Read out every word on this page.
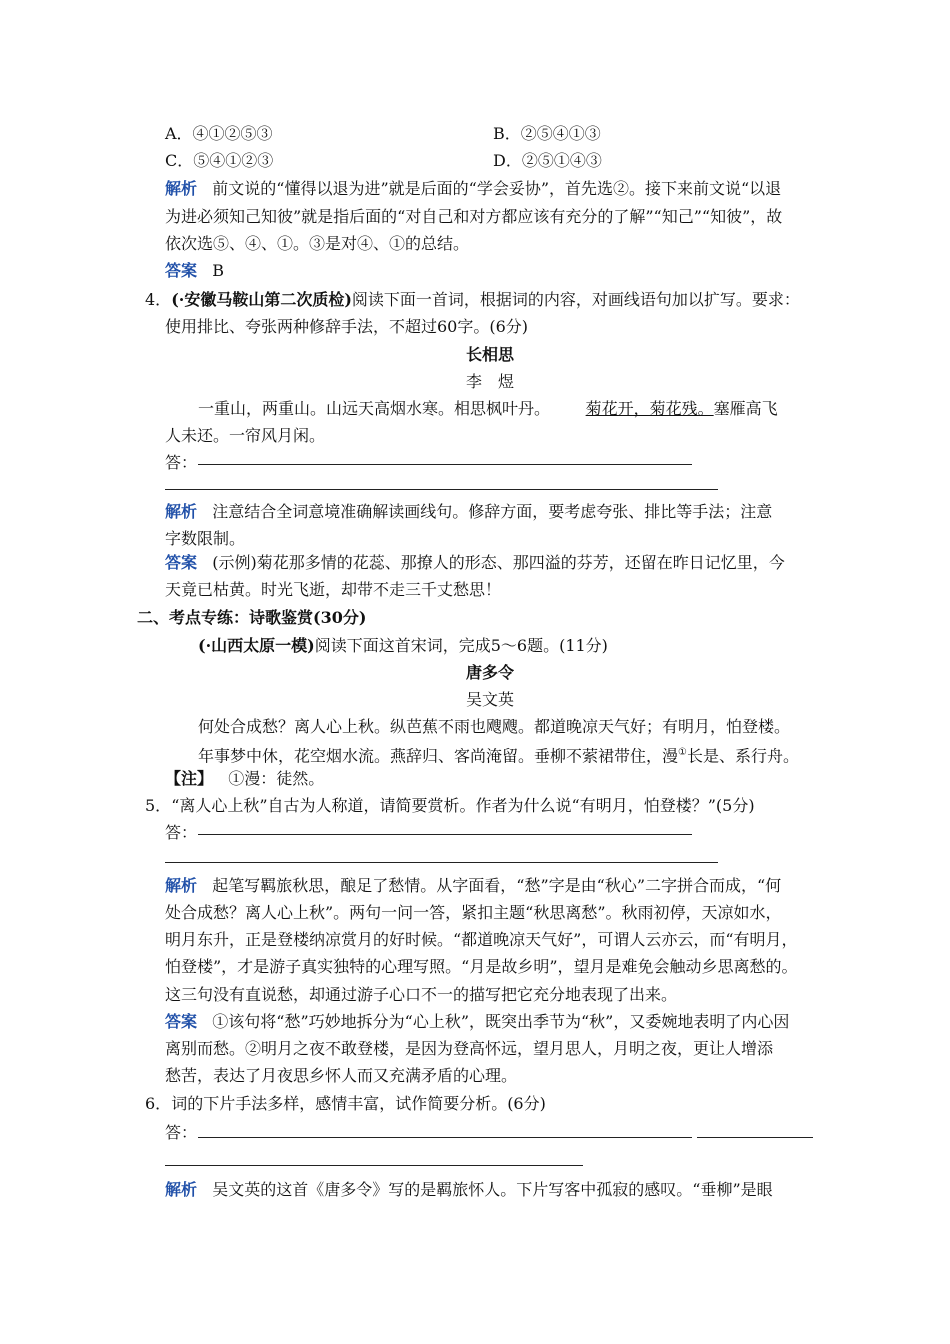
A．④①②⑤③	B．②⑤④①③
C．⑤④①②③	D．②⑤①④③
解析 前文说的“懂得以退为进”就是后面的“学会妥协”，首先选②。接下来前文说“以退
为进必须知己知彼”就是指后面的“对自己和对方都应该有充分的了解”“知己”“知彼”，故
依次选⑤、④、①。③是对④、①的总结。
答案 B
4．(·安徽马鞍山第二次质检)阅读下面一首词，根据词的内容，对画线语句加以扩写。要求：
使用排比、夸张两种修辞手法，不超过60字。(6分)
长相思
李　煜
一重山，两重山。山远天高烟水寒。相思枫叶丹。 菊花开，菊花残。塞雁高飞
人未还。一帘风月闲。
答：
解析 注意结合全词意境准确解读画线句。修辞方面，要考虑夸张、排比等手法；注意
字数限制。
答案 (示例)菊花那多情的花蕊、那撩人的形态、那四溢的芬芳，还留在昨日记忆里，今
天竟已枯黄。时光飞逝，却带不走三千丈愁思！
二、考点专练：诗歌鉴赏(30分)
(·山西太原一模)阅读下面这首宋词，完成5～6题。(11分)
唐多令
吴文英
何处合成愁？离人心上秋。纵芭蕉不雨也飕飕。都道晚凉天气好；有明月，怕登楼。
年事梦中休，花空烟水流。燕辞归、客尚淹留。垂柳不萦裙带住，漫①长是、系行舟。
【注】 ①漫：徒然。
5．“离人心上秋”自古为人称道，请简要赏析。作者为什么说“有明月，怕登楼？”(5分)
答：
解析 起笔写羁旅秋思，酿足了愁情。从字面看，“愁”字是由“秋心”二字拼合而成，“何
处合成愁？离人心上秋”。两句一问一答，紧扣主题“秋思离愁”。秋雨初停，天凉如水，
明月东升，正是登楼纳凉赏月的好时候。“都道晚凉天气好”，可谓人云亦云，而“有明月，
怕登楼”，才是游子真实独特的心理写照。“月是故乡明”，望月是难免会触动乡思离愁的。
这三句没有直说愁，却通过游子心口不一的描写把它充分地表现了出来。
答案 ①该句将“愁”巧妙地拆分为“心上秋”，既突出季节为“秋”，又委婉地表明了内心因
离别而愁。②明月之夜不敢登楼，是因为登高怀远，望月思人，月明之夜，更让人增添
愁苦，表达了月夜思乡怀人而又充满矛盾的心理。
6．词的下片手法多样，感情丰富，试作简要分析。(6分)
答：
解析 吴文英的这首《唐多令》写的是羁旅怀人。下片写客中孤寂的感叹。“垂柳”是眼
